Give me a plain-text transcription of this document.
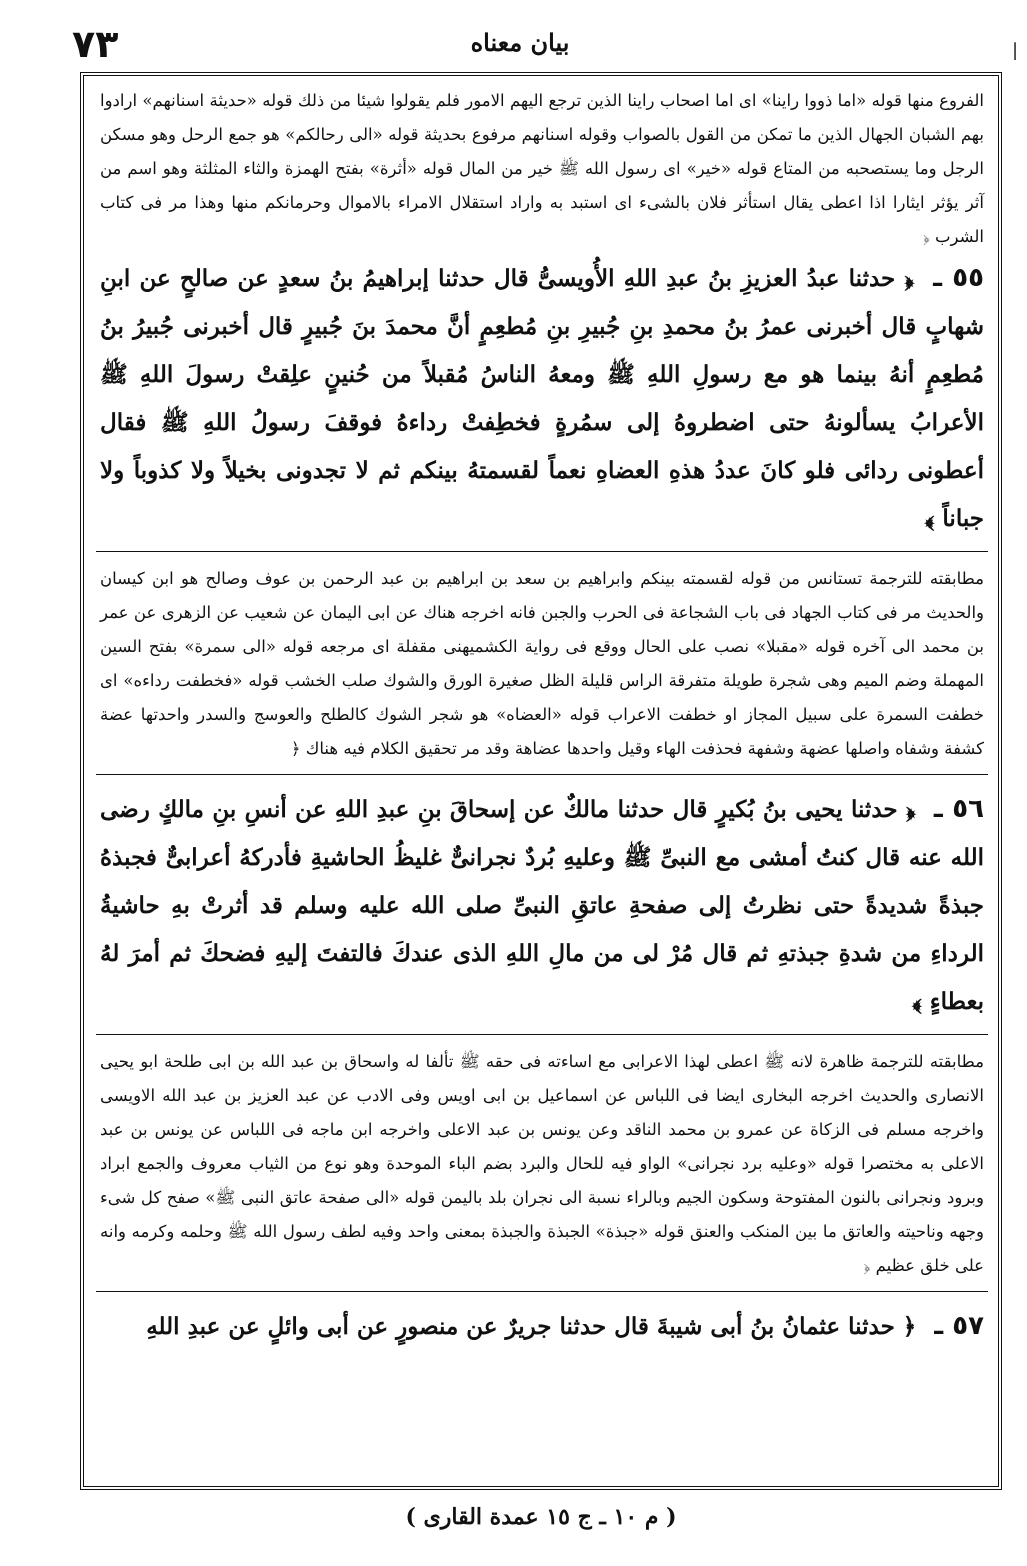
۷۳	بيان معناه	|

الفروع منها قوله «اما ذووا راينا» اى اما اصحاب راينا الذين ترجع اليهم الامور فلم يقولوا شيئا من ذلك قوله «حديثة اسنانهم» ارادوا بهم الشبان الجهال الذين ما تمكن من القول بالصواب وقوله اسنانهم مرفوع بحديثة قوله «الى رحالكم» هو جمع الرحل وهو مسكن الرجل وما يستصحبه من المتاع قوله «خير» اى رسول الله ﷺ خير من المال قوله «أثرة» بفتح الهمزة والثاء المثلثة وهو اسم من آثر يؤثر ايثارا اذا اعطى يقال استأثر فلان بالشىء اى استبد به واراد استقلال الامراء بالاموال وحرمانكم منها وهذا مر فى كتاب الشرب ﴿

٥٥ ـ ﴿ حدثنا عبدُ العزيزِ بنُ عبدِ اللهِ الأُويسىُّ قال حدثنا إبراهيمُ بنُ سعدٍ عن صالحٍ عن ابنِ شهابٍ قال أخبرنى عمرُ بنُ محمدِ بنِ جُبيرِ بنِ مُطعِمٍ أنَّ محمدَ بنَ جُبيرٍ قال أخبرنى جُبيرُ بنُ مُطعِمٍ أنهُ بينما هو مع رسولِ اللهِ ﷺ ومعهُ الناسُ مُقبلاً من حُنينٍ علِقتْ رسولَ اللهِ ﷺ الأعرابُ يسألونهُ حتى اضطروهُ إلى سمُرةٍ فخطِفتْ رداءهُ فوقفَ رسولُ اللهِ ﷺ فقال أعطونى ردائى فلو كانَ عددُ هذهِ العضاهِ نعماً لقسمتهُ بينكم ثم لا تجدونى بخيلاً ولا كذوباً ولا جباناً ﴾

مطابقته للترجمة تستانس من قوله لقسمته بينكم وابراهيم بن سعد بن ابراهيم بن عبد الرحمن بن عوف وصالح هو ابن كيسان والحديث مر فى كتاب الجهاد فى باب الشجاعة فى الحرب والجبن فانه اخرجه هناك عن ابى اليمان عن شعيب عن الزهرى عن عمر بن محمد الى آخره قوله «مقبلا» نصب على الحال ووقع فى رواية الكشميهنى مقفلة اى مرجعه قوله «الى سمرة» بفتح السين المهملة وضم الميم وهى شجرة طويلة متفرقة الراس قليلة الظل صغيرة الورق والشوك صلب الخشب قوله «فخطفت رداءه» اى خطفت السمرة على سبيل المجاز او خطفت الاعراب قوله «العضاه» هو شجر الشوك كالطلح والعوسج والسدر واحدتها عضة كشفة وشفاه واصلها عضهة وشفهة فحذفت الهاء وقيل واحدها عضاهة وقد مر تحقيق الكلام فيه هناك ﴿

٥٦ ـ ﴿ حدثنا يحيى بنُ بُكيرٍ قال حدثنا مالكٌ عن إسحاقَ بنِ عبدِ اللهِ عن أنسِ بنِ مالكٍ رضى الله عنه قال كنتُ أمشى مع النبىِّ ﷺ وعليهِ بُردٌ نجرانىٌّ غليظُ الحاشيةِ فأدركهُ أعرابىٌّ فجبذهُ جبذةً شديدةً حتى نظرتُ إلى صفحةِ عاتقِ النبىِّ صلى الله عليه وسلم قد أثرتْ بهِ حاشيةُ الرداءِ من شدةِ جبذتهِ ثم قال مُرْ لى من مالِ اللهِ الذى عندكَ فالتفتَ إليهِ فضحكَ ثم أمرَ لهُ بعطاءٍ ﴾

مطابقته للترجمة ظاهرة لانه ﷺ اعطى لهذا الاعرابى مع اساءته فى حقه ﷺ تألفا له واسحاق بن عبد الله بن ابى طلحة ابو يحيى الانصارى والحديث اخرجه البخارى ايضا فى اللباس عن اسماعيل بن ابى اويس وفى الادب عن عبد العزيز بن عبد الله الاويسى واخرجه مسلم فى الزكاة عن عمرو بن محمد الناقد وعن يونس بن عبد الاعلى واخرجه ابن ماجه فى اللباس عن يونس بن عبد الاعلى به مختصرا قوله «وعليه برد نجرانى» الواو فيه للحال والبرد بضم الباء الموحدة وهو نوع من الثياب معروف والجمع ابراد وبرود ونجرانى بالنون المفتوحة وسكون الجيم وبالراء نسبة الى نجران بلد باليمن قوله «الى صفحة عاتق النبى ﷺ» صفح كل شىء وجهه وناحيته والعاتق ما بين المنكب والعنق قوله «جبذة» الجبذة والجبذة بمعنى واحد وفيه لطف رسول الله ﷺ وحلمه وكرمه وانه على خلق عظيم ﴿

٥٧ ـ ﴿ حدثنا عثمانُ بنُ أبى شيبةَ قال حدثنا جريرٌ عن منصورٍ عن أبى وائلٍ عن عبدِ اللهِ

( م ١٠ ـ ج ١٥ عمدة القارى )
